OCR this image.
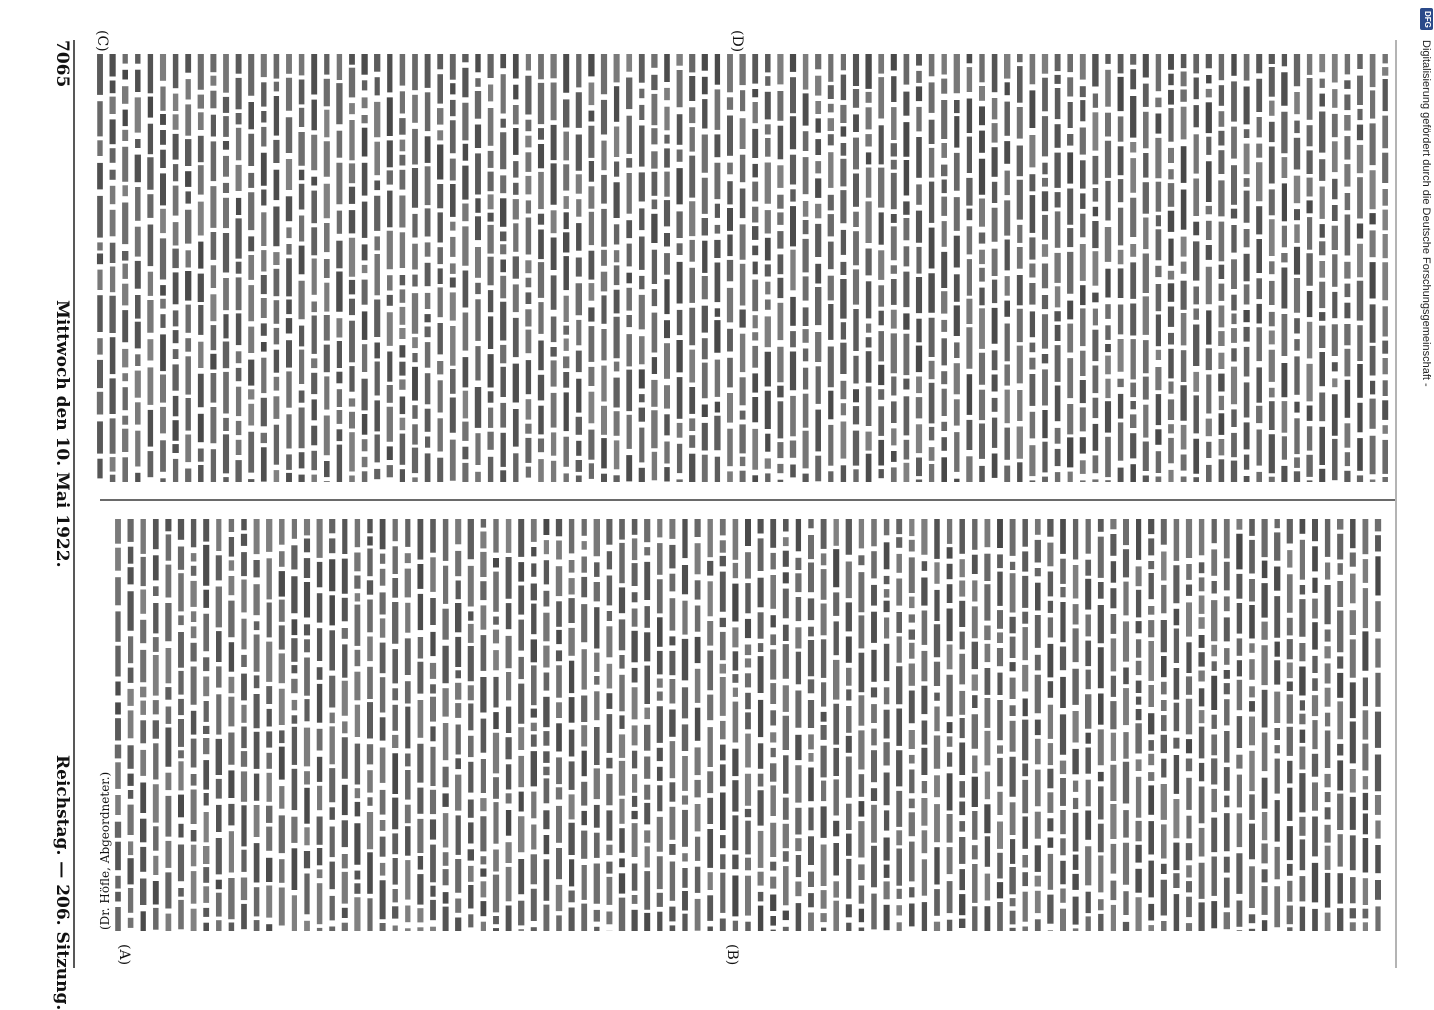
Reichstag. — 206. Sitzung.
Mittwoch den 10. Mai 1922.
7065
(A)	(B)
(C)	(D)
(Dr. Höfle, Abgeordneter.)
Digitalisierung gefördert durch die Deutsche Forschungsgemeinschaft -
DFG
